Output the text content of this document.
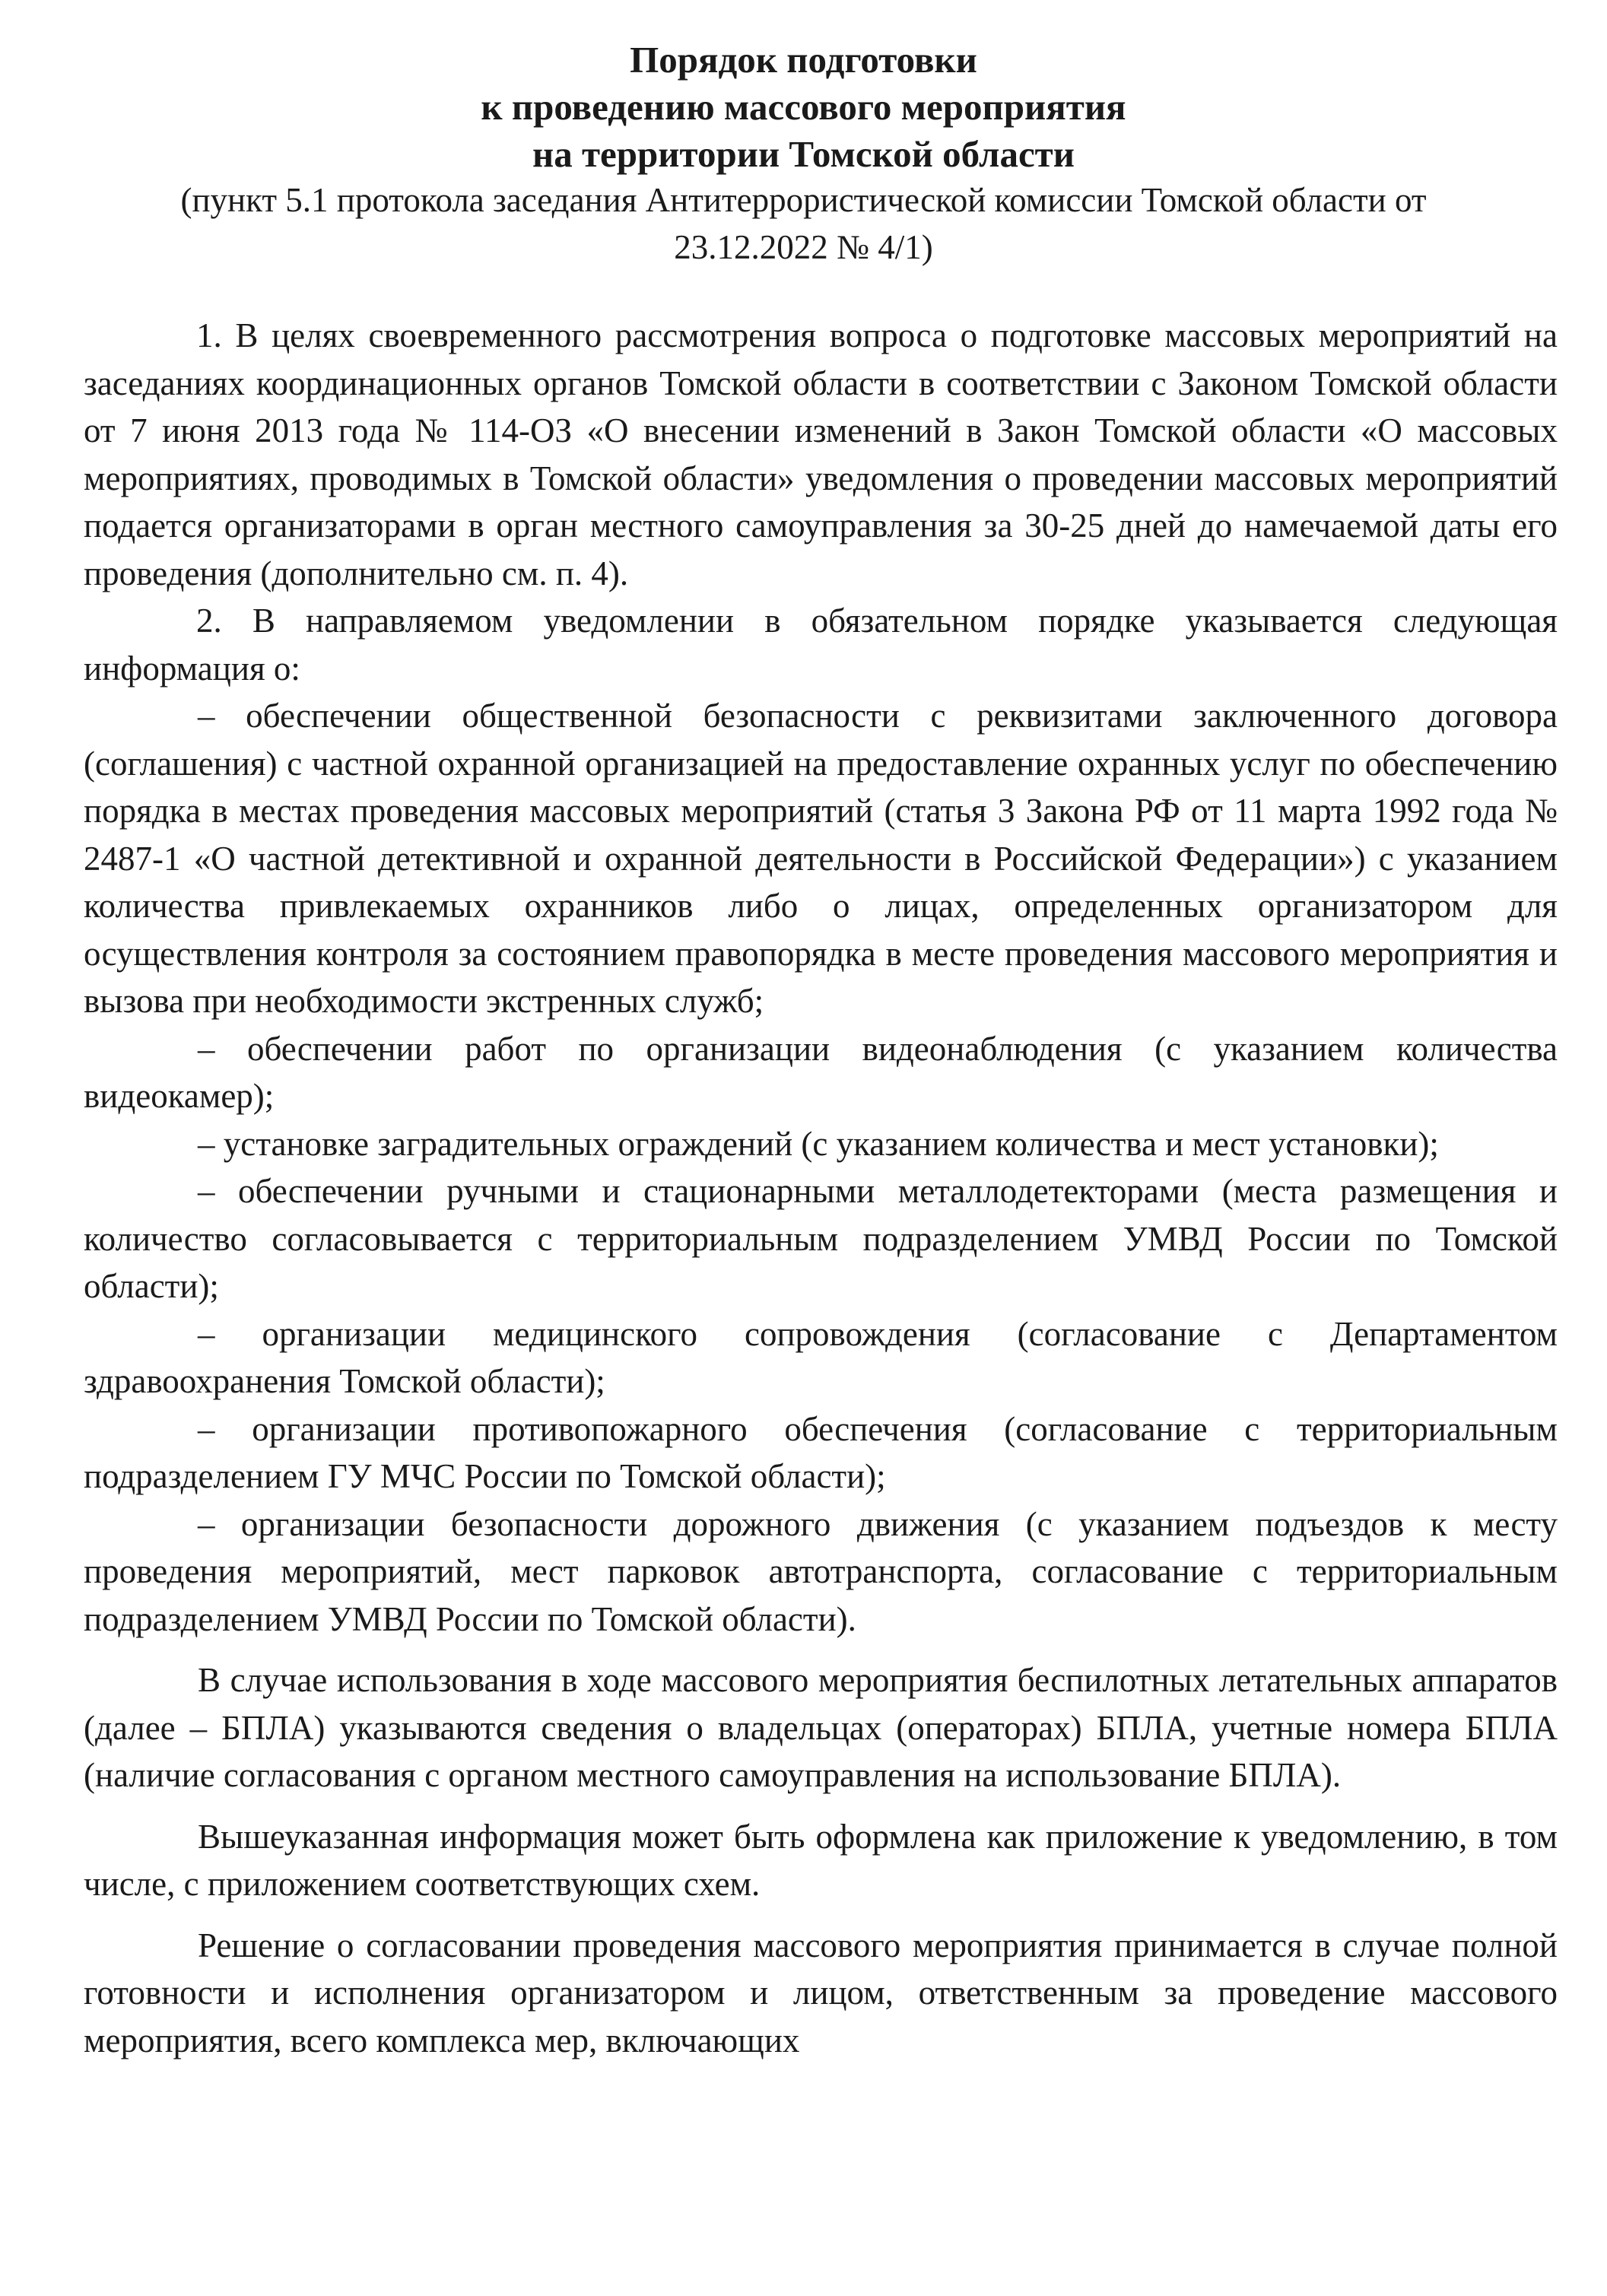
Порядок подготовки
к проведению массового мероприятия
на территории Томской области
(пункт 5.1 протокола заседания Антитеррористической комиссии Томской области от
23.12.2022 № 4/1)

1. В целях своевременного рассмотрения вопроса о подготовке массовых мероприятий на заседаниях координационных органов Томской области в соответствии с Законом Томской области от 7 июня 2013 года № 114-ОЗ «О внесении изменений в Закон Томской области «О массовых мероприятиях, проводимых в Томской области» уведомления о проведении массовых мероприятий подается организаторами в орган местного самоуправления за 30-25 дней до намечаемой даты его проведения (дополнительно см. п. 4).

2. В направляемом уведомлении в обязательном порядке указывается следующая информация о:

– обеспечении общественной безопасности с реквизитами заключенного договора (соглашения) с частной охранной организацией на предоставление охранных услуг по обеспечению порядка в местах проведения массовых мероприятий (статья 3 Закона РФ от 11 марта 1992 года № 2487-1 «О частной детективной и охранной деятельности в Российской Федерации») с указанием количества привлекаемых охранников либо о лицах, определенных организатором для осуществления контроля за состоянием правопорядка в месте проведения массового мероприятия и вызова при необходимости экстренных служб;

– обеспечении работ по организации видеонаблюдения (с указанием количества видеокамер);

– установке заградительных ограждений (с указанием количества и мест установки);

– обеспечении ручными и стационарными металлодетекторами (места размещения и количество согласовывается с территориальным подразделением УМВД России по Томской области);

– организации медицинского сопровождения (согласование с Департаментом здравоохранения Томской области);

– организации противопожарного обеспечения (согласование с территориальным подразделением ГУ МЧС России по Томской области);

– организации безопасности дорожного движения (с указанием подъездов к месту проведения мероприятий, мест парковок автотранспорта, согласование с территориальным подразделением УМВД России по Томской области).

В случае использования в ходе массового мероприятия беспилотных летательных аппаратов (далее – БПЛА) указываются сведения о владельцах (операторах) БПЛА, учетные номера БПЛА (наличие согласования с органом местного самоуправления на использование БПЛА).

Вышеуказанная информация может быть оформлена как приложение к уведомлению, в том числе, с приложением соответствующих схем.

Решение о согласовании проведения массового мероприятия принимается в случае полной готовности и исполнения организатором и лицом, ответственным за проведение массового мероприятия, всего комплекса мер, включающих
